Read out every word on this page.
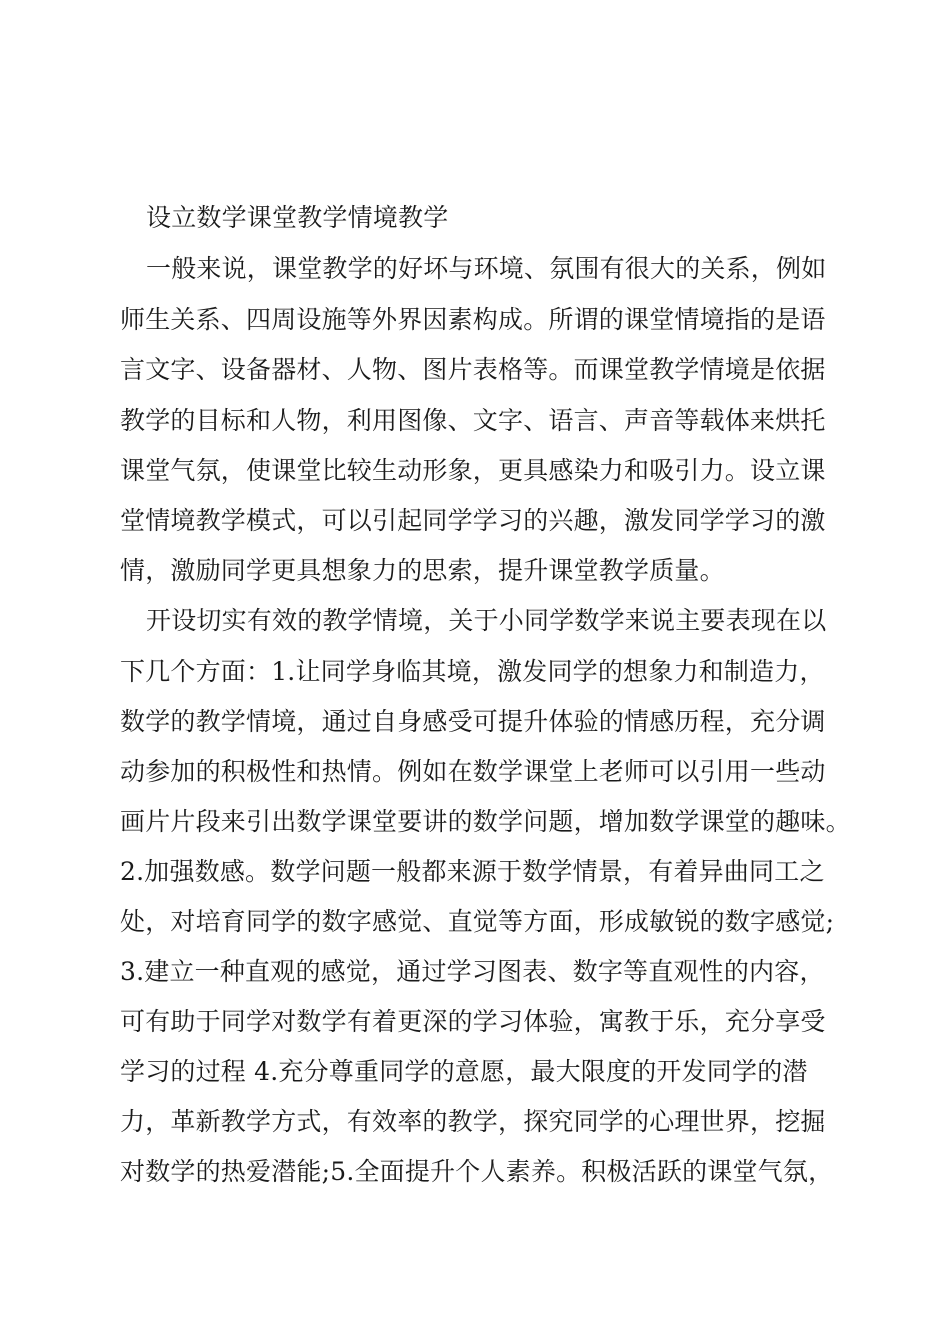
设立数学课堂教学情境教学

一般来说，课堂教学的好坏与环境、氛围有很大的关系，例如

师生关系、四周设施等外界因素构成。所谓的课堂情境指的是语

言文字、设备器材、人物、图片表格等。而课堂教学情境是依据

教学的目标和人物，利用图像、文字、语言、声音等载体来烘托

课堂气氛，使课堂比较生动形象，更具感染力和吸引力。设立课

堂情境教学模式，可以引起同学学习的兴趣，激发同学学习的激

情，激励同学更具想象力的思索，提升课堂教学质量。

开设切实有效的教学情境，关于小同学数学来说主要表现在以

下几个方面：1.让同学身临其境，激发同学的想象力和制造力，

数学的教学情境，通过自身感受可提升体验的情感历程，充分调

动参加的积极性和热情。例如在数学课堂上老师可以引用一些动

画片片段来引出数学课堂要讲的数学问题，增加数学课堂的趣味。

2.加强数感。数学问题一般都来源于数学情景，有着异曲同工之

处，对培育同学的数字感觉、直觉等方面，形成敏锐的数字感觉;

3.建立一种直观的感觉，通过学习图表、数字等直观性的内容，

可有助于同学对数学有着更深的学习体验，寓教于乐，充分享受

学习的过程 4.充分尊重同学的意愿，最大限度的开发同学的潜

力，革新教学方式，有效率的教学，探究同学的心理世界，挖掘

对数学的热爱潜能;5.全面提升个人素养。积极活跃的课堂气氛，
